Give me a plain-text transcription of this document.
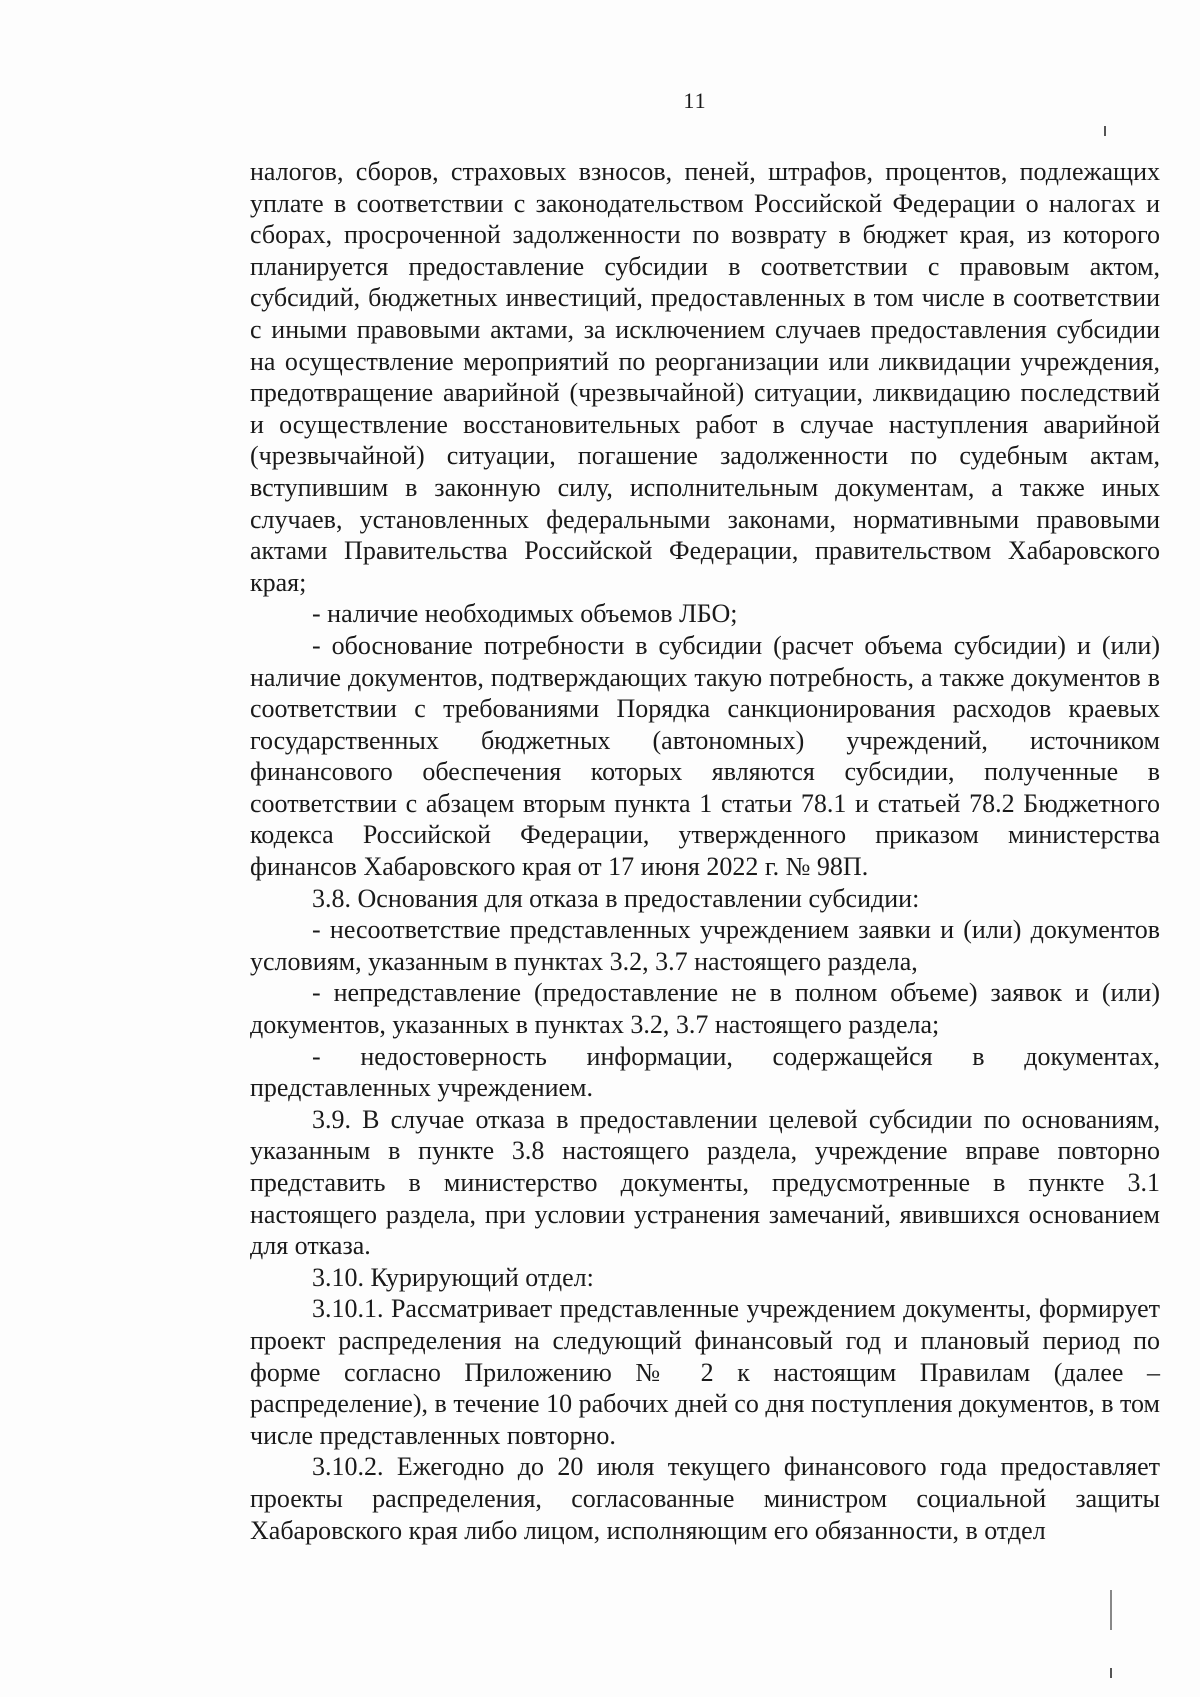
11

налогов, сборов, страховых взносов, пеней, штрафов, процентов, подлежащих уплате в соответствии с законодательством Российской Федерации о налогах и сборах, просроченной задолженности по возврату в бюджет края, из которого планируется предоставление субсидии в соответствии с правовым актом, субсидий, бюджетных инвестиций, предоставленных в том числе в соответствии с иными правовыми актами, за исключением случаев предоставления субсидии на осуществление мероприятий по реорганизации или ликвидации учреждения, предотвращение аварийной (чрезвычайной) ситуации, ликвидацию последствий и осуществление восстановительных работ в случае наступления аварийной (чрезвычайной) ситуации, погашение задолженности по судебным актам, вступившим в законную силу, исполнительным документам, а также иных случаев, установленных федеральными законами, нормативными правовыми актами Правительства Российской Федерации, правительством Хабаровского края;

- наличие необходимых объемов ЛБО;

- обоснование потребности в субсидии (расчет объема субсидии) и (или) наличие документов, подтверждающих такую потребность, а также документов в соответствии с требованиями Порядка санкционирования расходов краевых государственных бюджетных (автономных) учреждений, источником финансового обеспечения которых являются субсидии, полученные в соответствии с абзацем вторым пункта 1 статьи 78.1 и статьей 78.2 Бюджетного кодекса Российской Федерации, утвержденного приказом министерства финансов Хабаровского края от 17 июня 2022 г. № 98П.

3.8. Основания для отказа в предоставлении субсидии:

- несоответствие представленных учреждением заявки и (или) документов условиям, указанным в пунктах 3.2, 3.7 настоящего раздела,

- непредставление (предоставление не в полном объеме) заявок и (или) документов, указанных в пунктах 3.2, 3.7 настоящего раздела;

- недостоверность информации, содержащейся в документах, представленных учреждением.

3.9. В случае отказа в предоставлении целевой субсидии по основаниям, указанным в пункте 3.8 настоящего раздела, учреждение вправе повторно представить в министерство документы, предусмотренные в пункте 3.1 настоящего раздела, при условии устранения замечаний, явившихся основанием для отказа.

3.10. Курирующий отдел:

3.10.1. Рассматривает представленные учреждением документы, формирует проект распределения на следующий финансовый год и плановый период по форме согласно Приложению № 2 к настоящим Правилам (далее – распределение), в течение 10 рабочих дней со дня поступления документов, в том числе представленных повторно.

3.10.2. Ежегодно до 20 июля текущего финансового года предоставляет проекты распределения, согласованные министром социальной защиты Хабаровского края либо лицом, исполняющим его обязанности, в отдел
